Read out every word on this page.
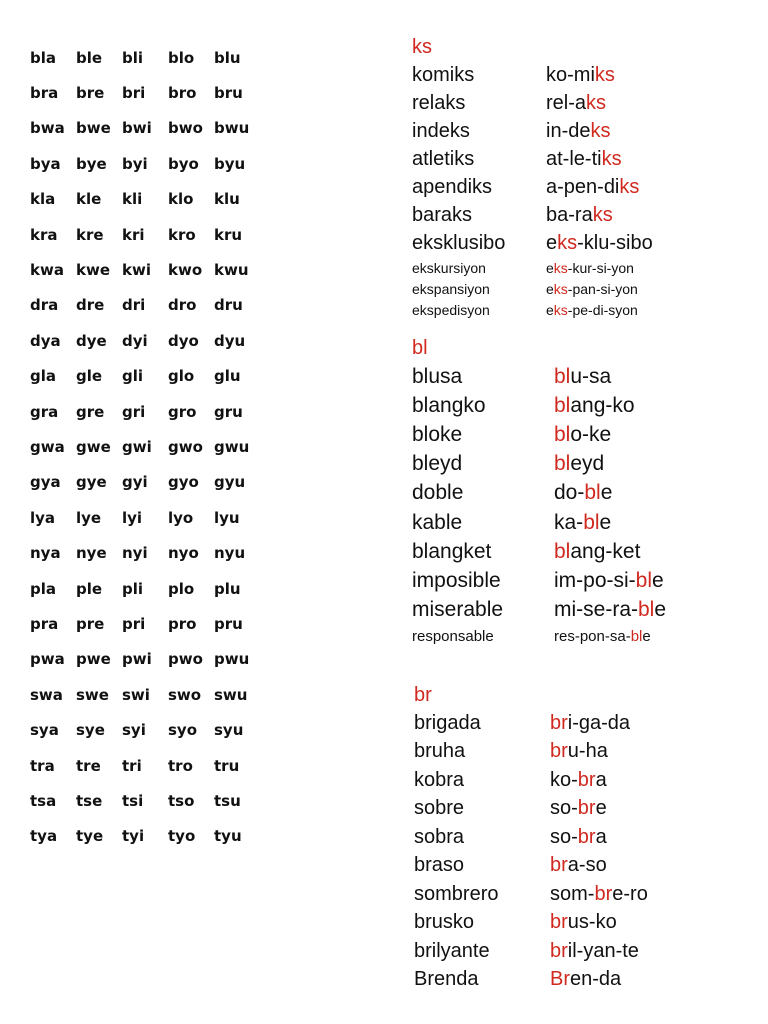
bla	ble	bli	blo	blu
bra	bre	bri	bro	bru
bwa bwe bwi	bwo bwu
bya	bye	byi	byo	byu
kla	kle	kli	klo	klu
kra	kre	kri	kro	kru
kwa kwe kwi	kwo kwu
dra	dre	dri	dro	dru
dya	dye	dyi	dyo	dyu
gla	gle	gli	glo	glu
gra	gre	gri	gro	gru
gwa gwe gwi	gwo gwu
gya	gye	gyi	gyo	gyu
lya	lye	lyi	lyo	lyu
nya	nye	nyi	nyo	nyu
pla	ple	pli	plo	plu
pra	pre	pri	pro	pru
pwa pwe pwi	pwo pwu
swa swe swi	swo swu
sya	sye	syi	syo	syu
tra	tre	tri	tro	tru
tsa	tse	tsi	tso	tsu
tya	tye	tyi	tyo	tyu
ks
komiks	ko-miks
relaks	rel-aks
indeks	in-deks
atletiks	at-le-tiks
apendiks	a-pen-diks
baraks	ba-raks
eksklusibo	eks-klu-sibo
ekskursiyon	eks-kur-si-yon
ekspansiyon	eks-pan-si-yon
ekspedisyon	eks-pe-di-syon
bl
blusa	blu-sa
blangko	blang-ko
bloke	blo-ke
bleyd	bleyd
doble	do-ble
kable	ka-ble
blangket	blang-ket
imposible	im-po-si-ble
miserable	mi-se-ra-ble
responsable	res-pon-sa-ble
br
brigada	bri-ga-da
bruha	bru-ha
kobra	ko-bra
sobre	so-bre
sobra	so-bra
braso	bra-so
sombrero	som-bre-ro
brusko	brus-ko
brilyante	bril-yan-te
Brenda	Bren-da
